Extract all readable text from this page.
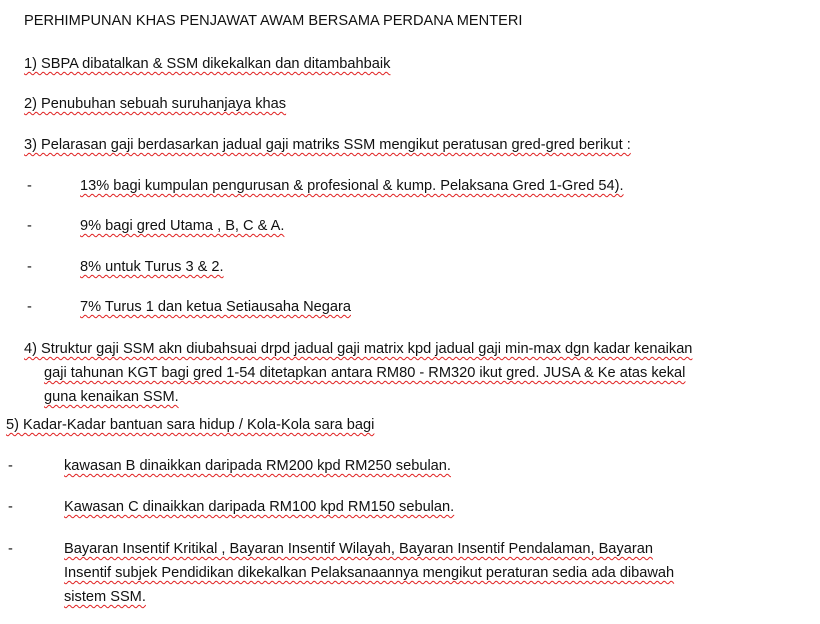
PERHIMPUNAN KHAS PENJAWAT AWAM BERSAMA PERDANA MENTERI
1) SBPA dibatalkan & SSM dikekalkan dan ditambahbaik
2) Penubuhan sebuah suruhanjaya khas
3) Pelarasan gaji berdasarkan jadual gaji matriks SSM mengikut peratusan gred-gred berikut :
-	13% bagi kumpulan pengurusan & profesional & kump. Pelaksana Gred 1-Gred 54).
-	9% bagi gred Utama , B, C & A.
-	8% untuk Turus 3 & 2.
-	7% Turus 1 dan ketua Setiausaha Negara
4) Struktur gaji SSM akn diubahsuai drpd jadual gaji matrix kpd jadual gaji min-max dgn kadar kenaikan
gaji tahunan KGT bagi gred 1-54 ditetapkan antara RM80 - RM320 ikut gred. JUSA & Ke atas kekal
guna kenaikan SSM.
5) Kadar-Kadar bantuan sara hidup / Kola-Kola sara bagi
-	kawasan B dinaikkan daripada RM200 kpd RM250 sebulan.
-	Kawasan C dinaikkan daripada RM100 kpd RM150 sebulan.
-	Bayaran Insentif Kritikal , Bayaran Insentif Wilayah, Bayaran Insentif Pendalaman, Bayaran
Insentif subjek Pendidikan dikekalkan Pelaksanaannya mengikut peraturan sedia ada dibawah
sistem SSM.
